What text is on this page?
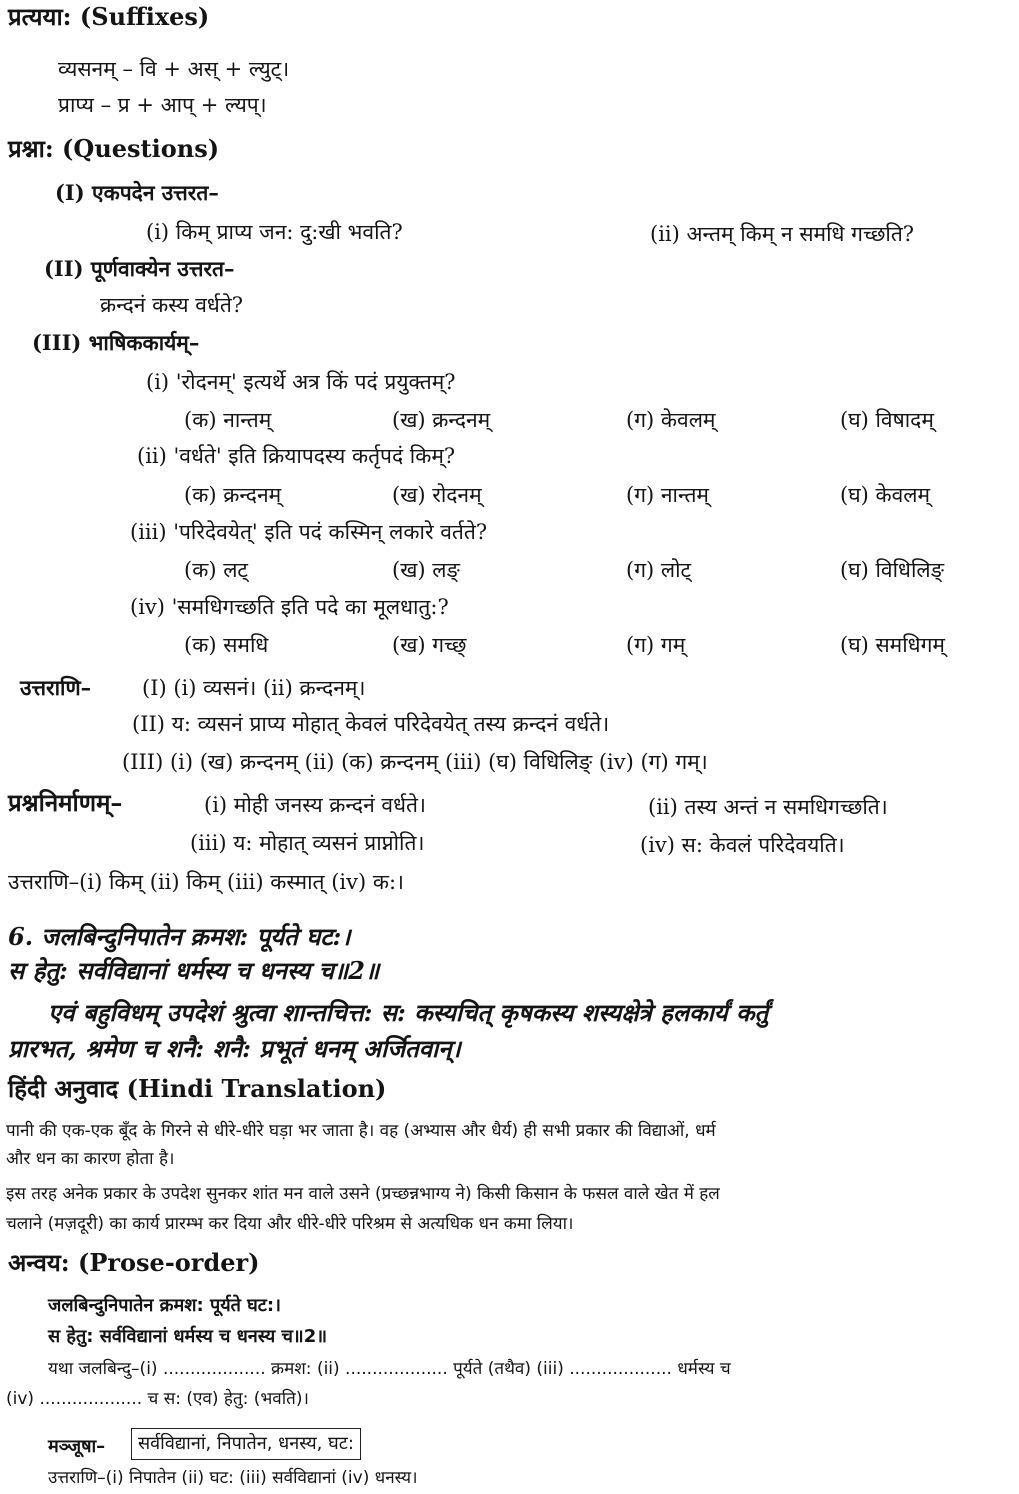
प्रत्यया: (Suffixes)
व्यसनम् – वि + अस् + ल्युट्।
प्राप्य – प्र + आप् + ल्यप्।
प्रश्ना: (Questions)
(I) एकपदेन उत्तरत–
(i) किम् प्राप्य जन: दु:खी भवति?	(ii) अन्तम् किम् न समधि गच्छति?
(II) पूर्णवाक्येन उत्तरत–
क्रन्दनं कस्य वर्धते?
(III) भाषिककार्यम्–
(i) 'रोदनम्' इत्यर्थे अत्र किं पदं प्रयुक्तम्?
(क) नान्तम्	(ख) क्रन्दनम्	(ग) केवलम्	(घ) विषादम्
(ii) 'वर्धते' इति क्रियापदस्य कर्तृपदं किम्?
(क) क्रन्दनम्	(ख) रोदनम्	(ग) नान्तम्	(घ) केवलम्
(iii) 'परिदेवयेत्' इति पदं कस्मिन् लकारे वर्तते?
(क) लट्	(ख) लङ्	(ग) लोट्	(घ) विधिलिङ्
(iv) 'समधिगच्छति इति पदे का मूलधातु:?
(क) समधि	(ख) गच्छ्	(ग) गम्	(घ) समधिगम्
उत्तराणि– (I) (i) व्यसनं। (ii) क्रन्दनम्।
(II) य: व्यसनं प्राप्य मोहात् केवलं परिदेवयेत् तस्य क्रन्दनं वर्धते।
(III) (i) (ख) क्रन्दनम् (ii) (क) क्रन्दनम् (iii) (घ) विधिलिङ् (iv) (ग) गम्।
प्रश्ननिर्माणम्–	(i) मोही जनस्य क्रन्दनं वर्धते।	(ii) तस्य अन्तं न समधिगच्छति।
(iii) य: मोहात् व्यसनं प्राप्नोति।	(iv) स: केवलं परिदेवयति।
उत्तराणि–(i) किम् (ii) किम् (iii) कस्मात् (iv) क:।
6. जलबिन्दुनिपातेन क्रमश: पूर्यते घट:।
स हेतु: सर्वविद्यानां धर्मस्य च धनस्य च॥2॥
एवं बहुविधम् उपदेशं श्रुत्वा शान्तचित्त: स: कस्यचित् कृषकस्य शस्यक्षेत्रे हलकार्यं कर्तुं
प्रारभत, श्रमेण च शनै: शनै: प्रभूतं धनम् अर्जितवान्।
हिंदी अनुवाद (Hindi Translation)
पानी की एक-एक बूँद के गिरने से धीरे-धीरे घड़ा भर जाता है। वह (अभ्यास और धैर्य) ही सभी प्रकार की विद्याओं, धर्म
और धन का कारण होता है।
इस तरह अनेक प्रकार के उपदेश सुनकर शांत मन वाले उसने (प्रच्छन्नभाग्य ने) किसी किसान के फसल वाले खेत में हल
चलाने (मज़दूरी) का कार्य प्रारम्भ कर दिया और धीरे-धीरे परिश्रम से अत्यधिक धन कमा लिया।
अन्वय: (Prose-order)
जलबिन्दुनिपातेन क्रमश: पूर्यते घट:।
स हेतु: सर्वविद्यानां धर्मस्य च धनस्य च॥2॥
यथा जलबिन्दु–(i) ................... क्रमश: (ii) ................... पूर्यते (तथैव) (iii) ................... धर्मस्य च
(iv) ................... च स: (एव) हेतु: (भवति)।
मञ्जूषा–	सर्वविद्यानां, निपातेन, धनस्य, घट:
उत्तराणि–(i) निपातेन (ii) घट: (iii) सर्वविद्यानां (iv) धनस्य।
